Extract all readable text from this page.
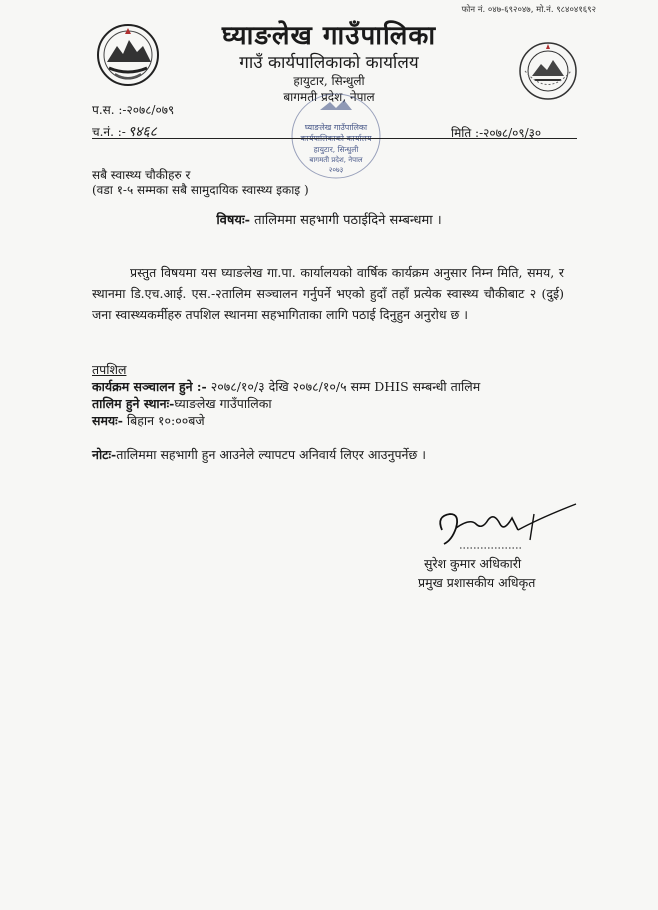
फोन नं. ०४७-६९२०४७, मो.नं. ९८४०४१६९२
घ्याङलेख गाउँपालिका
गाउँ कार्यपालिकाको कार्यालय
हायुटार, सिन्धुली
बागमती प्रदेश, नेपाल
घ्याङलेख गाउँपालिका
कार्यपालिकाको कार्यालय
हायुटार, सिन्धुली
बागमती प्रदेश, नेपाल
२०७३
प.स. :-२०७८/०७९
च.नं. :- ९४६८	मिति :-२०७८/०९/३०
सबै स्वास्थ्य चौकीहरु र
(वडा १-५ सम्मका सबै सामुदायिक स्वास्थ्य इकाइ )
विषयः- तालिममा सहभागी पठाईदिने सम्बन्धमा ।

प्रस्तुत विषयमा यस घ्याङलेख गा.पा. कार्यालयको वार्षिक कार्यक्रम अनुसार निम्न मिति, समय, र स्थानमा डि.एच.आई. एस.-२तालिम सञ्चालन गर्नुपर्ने भएको हुदाँ तहाँ प्रत्येक स्वास्थ्य चौकीबाट २ (दुई) जना स्वास्थ्यकर्मीहरु तपशिल स्थानमा सहभागिताका लागि पठाई दिनुहुन अनुरोध छ ।

तपशिल
कार्यक्रम सञ्चालन हुने :- २०७८/१०/३ देखि २०७८/१०/५ सम्म DHIS सम्बन्धी तालिम
तालिम हुने स्थानः-घ्याङलेख गाउँपालिका
समयः- बिहान १०:००बजे
नोटः-तालिममा सहभागी हुन आउनेले ल्यापटप अनिवार्य लिएर आउनुपर्नेछ ।
सुरेश कुमार अधिकारी
प्रमुख प्रशासकीय अधिकृत
